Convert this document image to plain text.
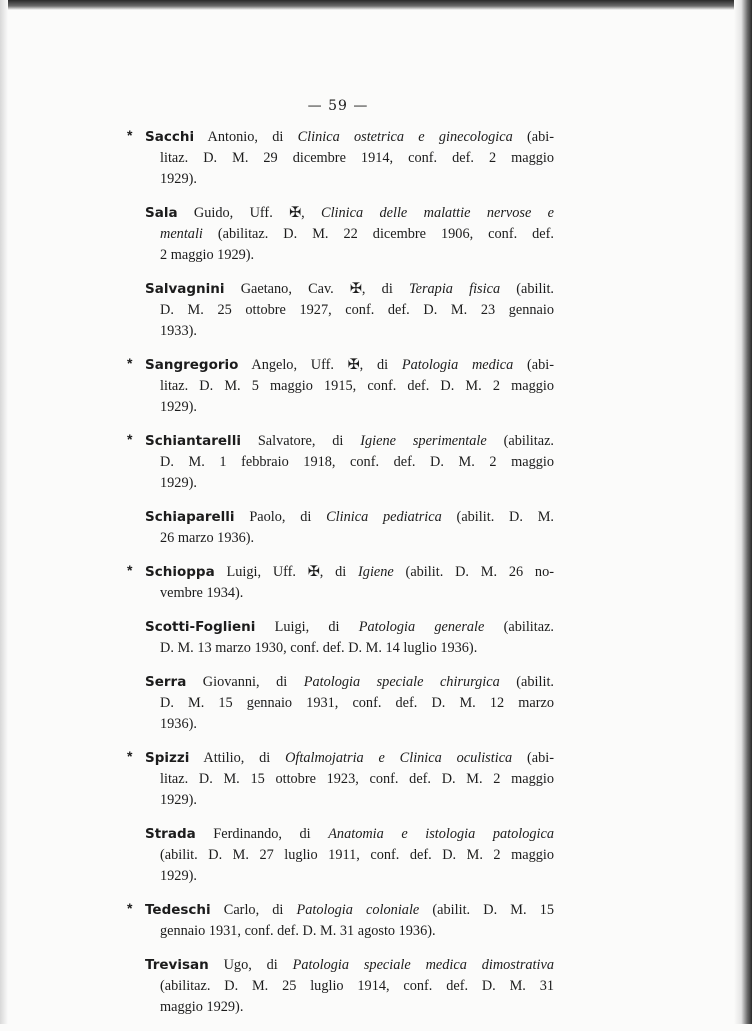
— 59 —
* Sacchi Antonio, di Clinica ostetrica e ginecologica (abi-
litaz. D. M. 29 dicembre 1914, conf. def. 2 maggio
1929).
Sala Guido, Uff. ✠, Clinica delle malattie nervose e
mentali (abilitaz. D. M. 22 dicembre 1906, conf. def.
2 maggio 1929).
Salvagnini Gaetano, Cav. ✠, di Terapia fisica (abilit.
D. M. 25 ottobre 1927, conf. def. D. M. 23 gennaio
1933).
* Sangregorio Angelo, Uff. ✠, di Patologia medica (abi-
litaz. D. M. 5 maggio 1915, conf. def. D. M. 2 maggio
1929).
* Schiantarelli Salvatore, di Igiene sperimentale (abilitaz.
D. M. 1 febbraio 1918, conf. def. D. M. 2 maggio
1929).
Schiaparelli Paolo, di Clinica pediatrica (abilit. D. M.
26 marzo 1936).
* Schioppa Luigi, Uff. ✠, di Igiene (abilit. D. M. 26 no-
vembre 1934).
Scotti-Foglieni Luigi, di Patologia generale (abilitaz.
D. M. 13 marzo 1930, conf. def. D. M. 14 luglio 1936).
Serra Giovanni, di Patologia speciale chirurgica (abilit.
D. M. 15 gennaio 1931, conf. def. D. M. 12 marzo
1936).
* Spizzi Attilio, di Oftalmojatria e Clinica oculistica (abi-
litaz. D. M. 15 ottobre 1923, conf. def. D. M. 2 maggio
1929).
Strada Ferdinando, di Anatomia e istologia patologica
(abilit. D. M. 27 luglio 1911, conf. def. D. M. 2 maggio
1929).
* Tedeschi Carlo, di Patologia coloniale (abilit. D. M. 15
gennaio 1931, conf. def. D. M. 31 agosto 1936).
Trevisan Ugo, di Patologia speciale medica dimostrativa
(abilitaz. D. M. 25 luglio 1914, conf. def. D. M. 31
maggio 1929).
